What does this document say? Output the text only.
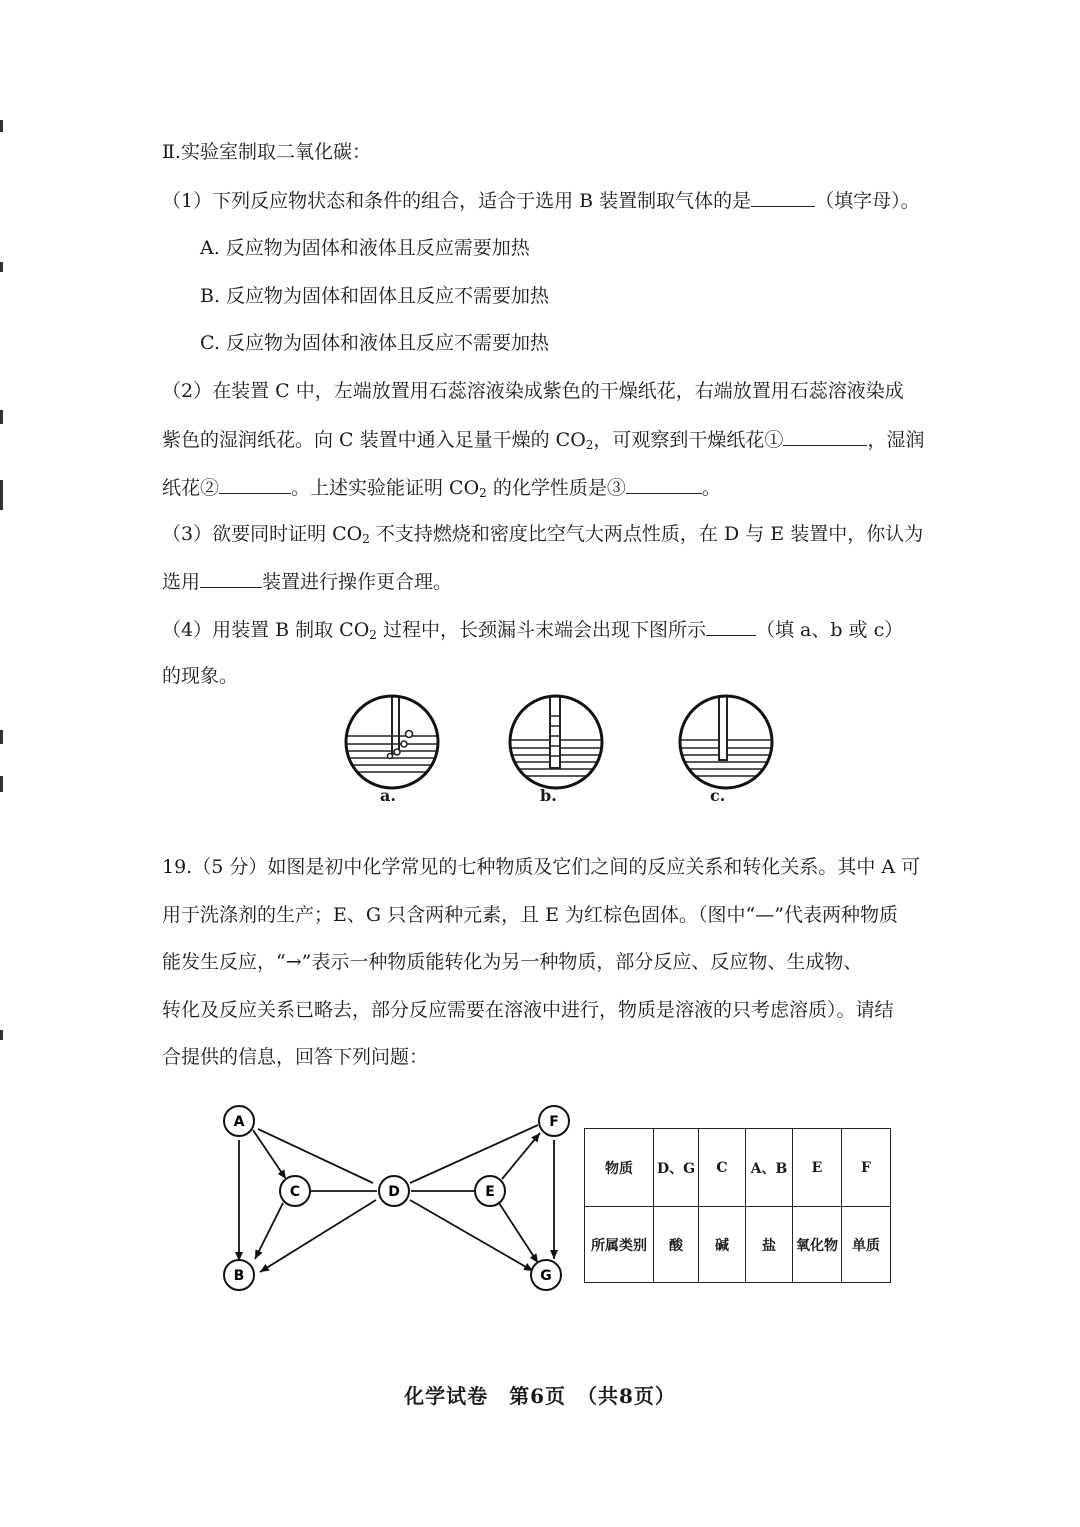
Ⅱ.实验室制取二氧化碳：
（1）下列反应物状态和条件的组合，适合于选用 B 装置制取气体的是	（填字母）。
A. 反应物为固体和液体且反应需要加热
B. 反应物为固体和固体且反应不需要加热
C. 反应物为固体和液体且反应不需要加热
（2）在装置 C 中，左端放置用石蕊溶液染成紫色的干燥纸花，右端放置用石蕊溶液染成
紫色的湿润纸花。向 C 装置中通入足量干燥的 $CO_2$，可观察到干燥纸花①	，湿润
纸花②	。上述实验能证明 $CO_2$ 的化学性质是③	。
（3）欲要同时证明 $CO_2$ 不支持燃烧和密度比空气大两点性质，在 D 与 E 装置中，你认为
选用	装置进行操作更合理。
（4）用装置 B 制取 $CO_2$ 过程中，长颈漏斗末端会出现下图所示	（填 a、b 或 c）
的现象。
a.	b.	c.
19.（5 分）如图是初中化学常见的七种物质及它们之间的反应关系和转化关系。其中 A 可
用于洗涤剂的生产；E、G 只含两种元素，且 E 为红棕色固体。（图中“—”代表两种物质
能发生反应，“→”表示一种物质能转化为另一种物质，部分反应、反应物、生成物、
转化及反应关系已略去，部分反应需要在溶液中进行，物质是溶液的只考虑溶质）。请结
合提供的信息，回答下列问题：
A
B
C	D	E
F
G
物质	D、G	C	A、B	E	F
所属类别	酸	碱	盐	氧化物	单质
化学试卷　第6页　（共8页）
